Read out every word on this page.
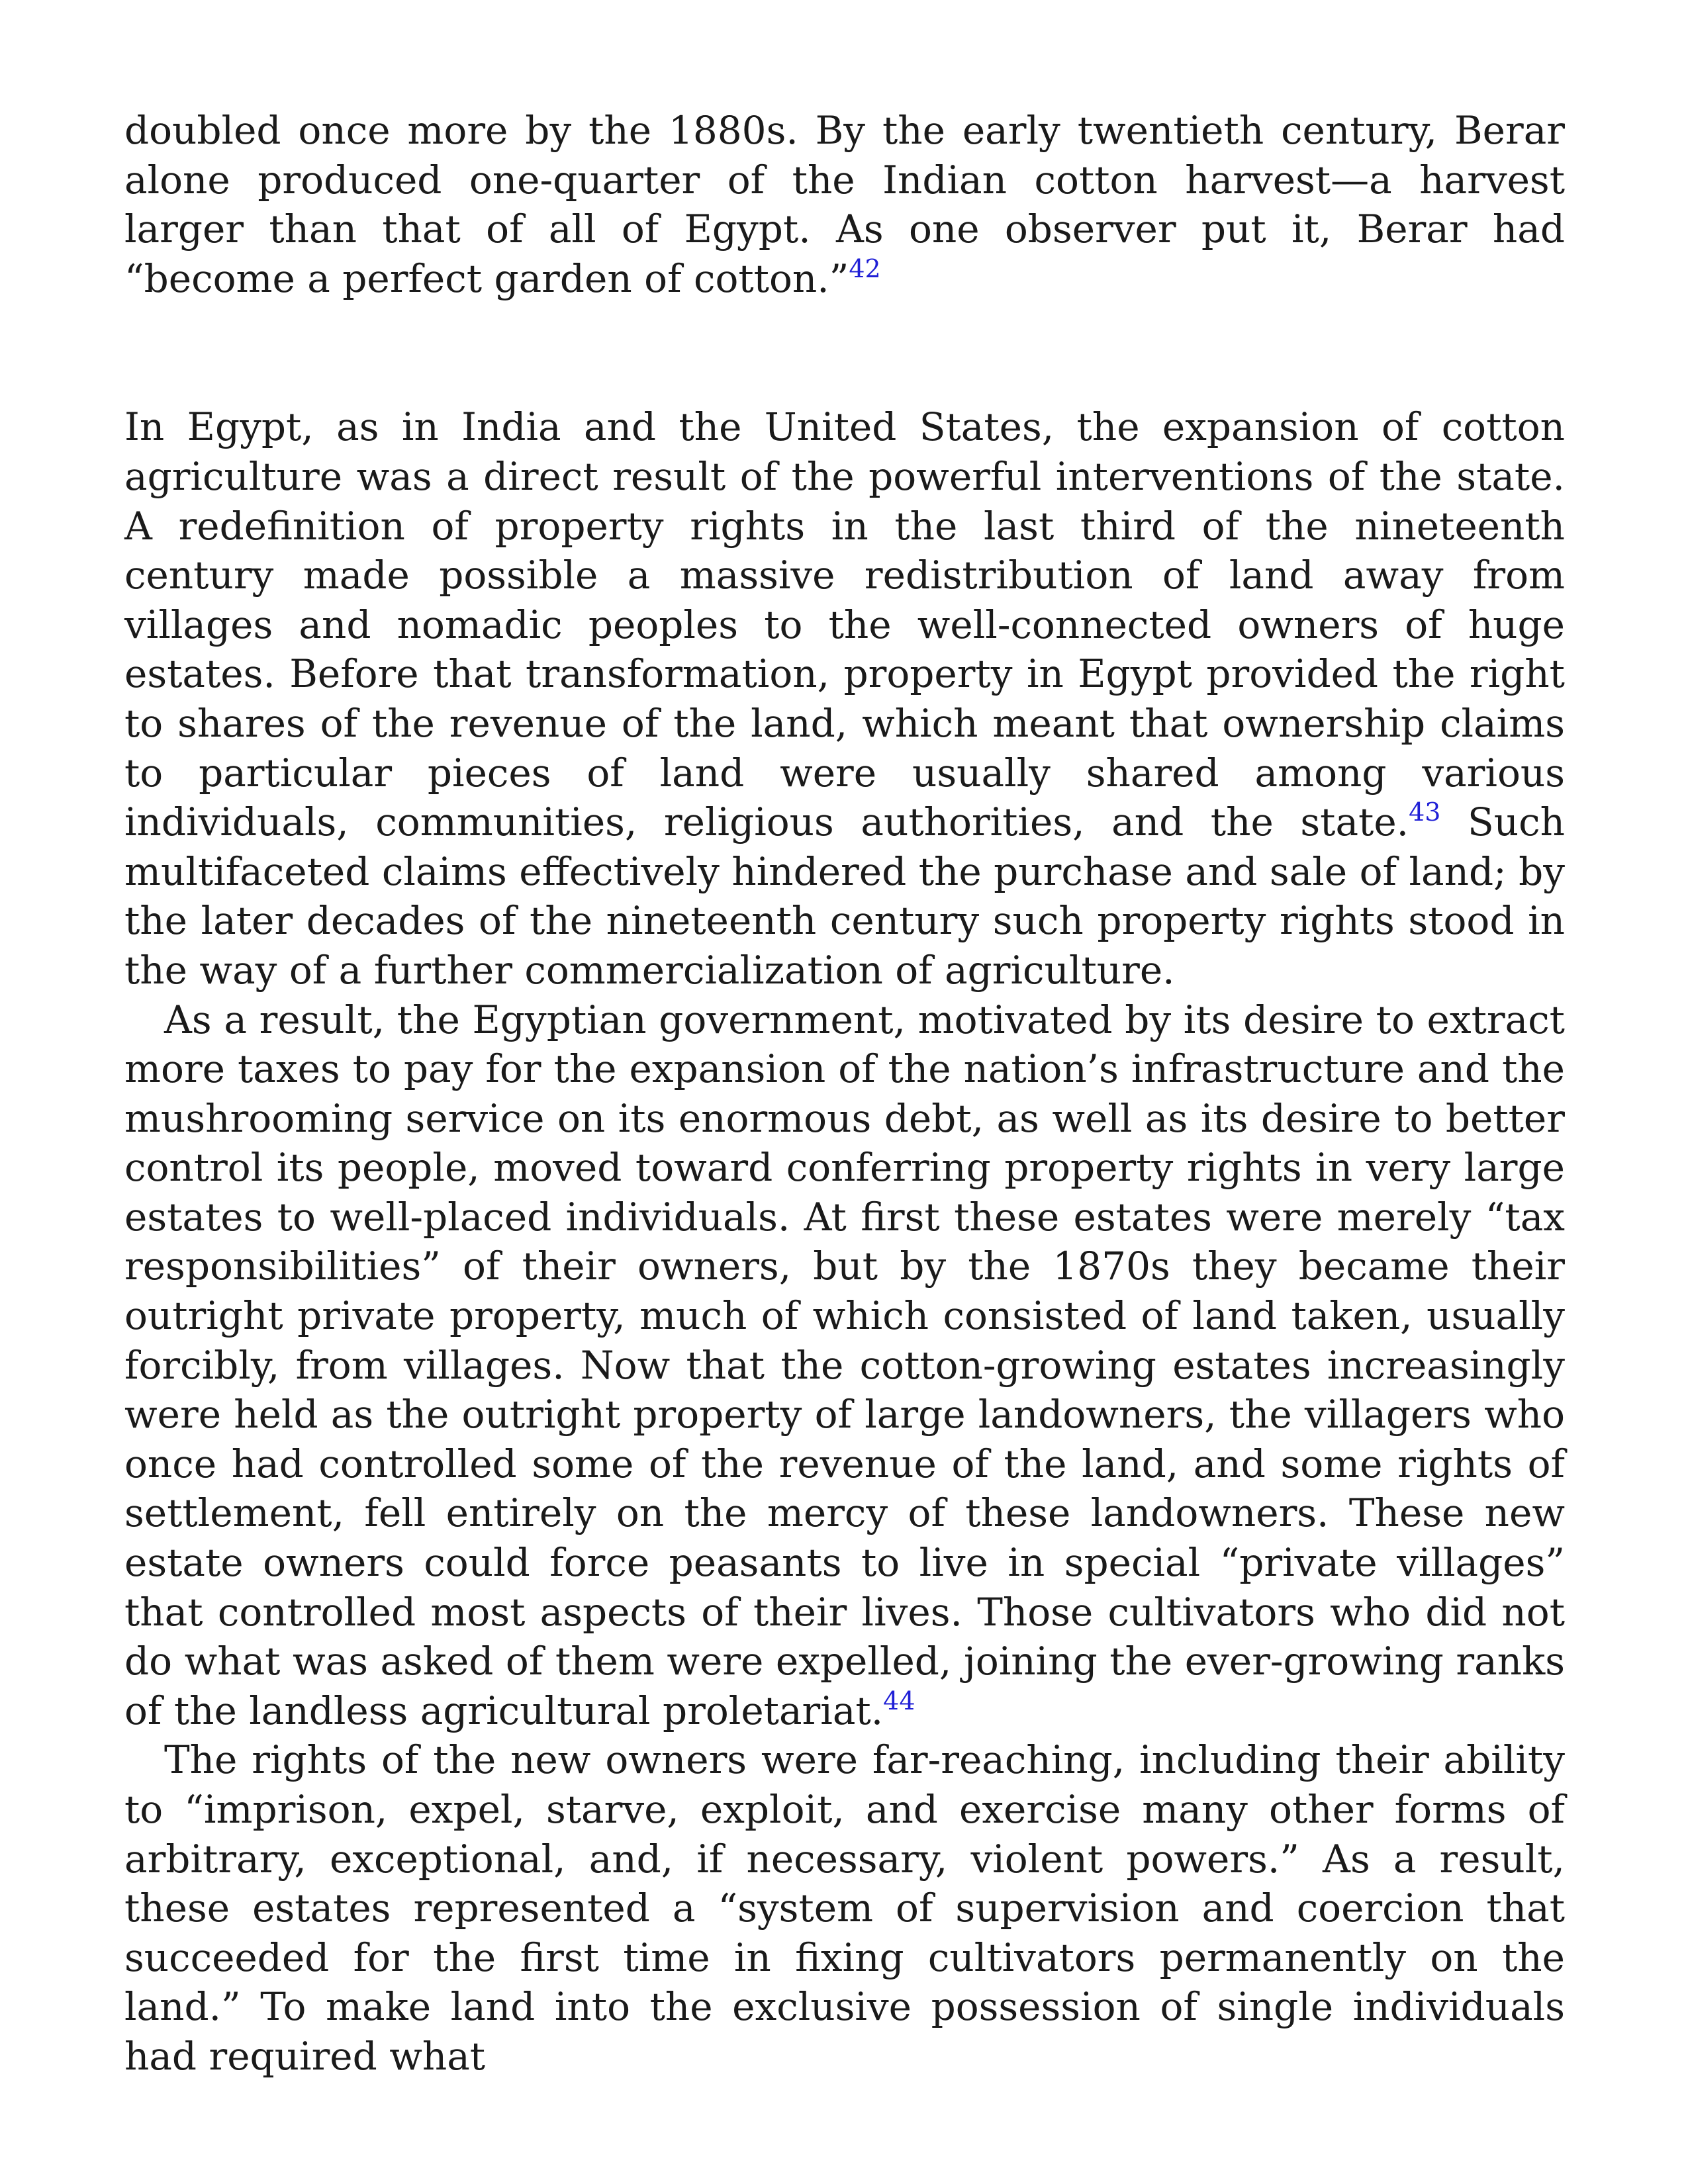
doubled once more by the 1880s. By the early twentieth century, Berar alone produced one-quarter of the Indian cotton harvest—a harvest larger than that of all of Egypt. As one observer put it, Berar had “become a perfect garden of cotton.”$^{42}$

In Egypt, as in India and the United States, the expansion of cotton agriculture was a direct result of the powerful interventions of the state. A redefinition of property rights in the last third of the nineteenth century made possible a massive redistribution of land away from villages and nomadic peoples to the well-connected owners of huge estates. Before that transformation, property in Egypt provided the right to shares of the revenue of the land, which meant that ownership claims to particular pieces of land were usually shared among various individuals, communities, religious authorities, and the state.$^{43}$ Such multifaceted claims effectively hindered the purchase and sale of land; by the later decades of the nineteenth century such property rights stood in the way of a further commercialization of agriculture.

As a result, the Egyptian government, motivated by its desire to extract more taxes to pay for the expansion of the nation’s infrastructure and the mushrooming service on its enormous debt, as well as its desire to better control its people, moved toward conferring property rights in very large estates to well-placed individuals. At first these estates were merely “tax responsibilities” of their owners, but by the 1870s they became their outright private property, much of which consisted of land taken, usually forcibly, from villages. Now that the cotton-growing estates increasingly were held as the outright property of large landowners, the villagers who once had controlled some of the revenue of the land, and some rights of settlement, fell entirely on the mercy of these landowners. These new estate owners could force peasants to live in special “private villages” that controlled most aspects of their lives. Those cultivators who did not do what was asked of them were expelled, joining the ever-growing ranks of the landless agricultural proletariat.$^{44}$

The rights of the new owners were far-reaching, including their ability to “imprison, expel, starve, exploit, and exercise many other forms of arbitrary, exceptional, and, if necessary, violent powers.” As a result, these estates represented a “system of supervision and coercion that succeeded for the first time in fixing cultivators permanently on the land.” To make land into the exclusive possession of single individuals had required what
